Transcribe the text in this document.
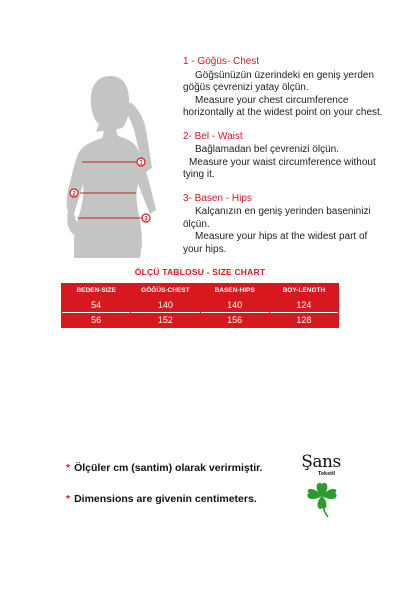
1
2
3
1 - Göğüs- Chest
Göğsünüzün üzerindeki en geniş yerden
göğüs çevrenizi yatay ölçün.
Measure your chest circumference
horizontally at the widest point on your chest.
2- Bel - Waist
Bağlamadan bel çevrenizi ölçün.
Measure your waist circumference without
tying it.
3- Basen - Hips
Kalçanızın en geniş yerinden baseninizi
ölçün.
Measure your hips at the widest part of
your hips.
ÖLÇÜ TABLOSU - SIZE CHART
BEDEN-SIZE	GÖĞÜS-CHEST	BASEN-HIPS	BOY-LENGTH
54	140	140	124
56	152	156	128
* Ölçüler cm (santim) olarak verirmiştir.
* Dimensions are givenin centimeters.
Şans
Tekstil
